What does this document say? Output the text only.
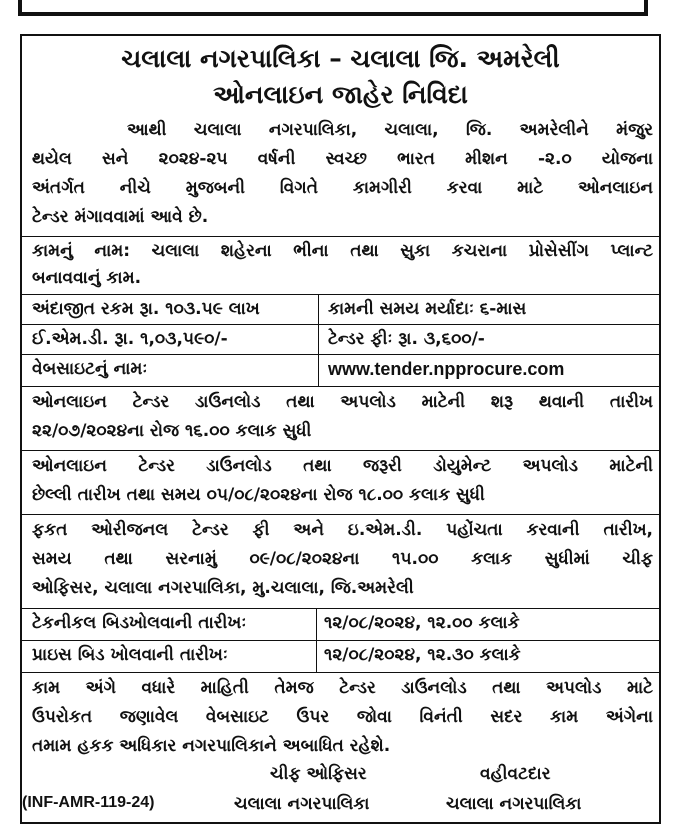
ચલાલા નગરપાલિકા – ચલાલા જિ. અમરેલી
ઓનલાઇન જાહેર નિવિદા
આથી ચલાલા નગરપાલિકા, ચલાલા, જિ. અમરેલીને મંજુર
થયેલ સને ૨૦૨૪-૨૫ વર્ષની સ્વચ્છ ભારત મીશન -૨.૦ યોજના
અંતર્ગત નીચે મુજબની વિગતે કામગીરી કરવા માટે ઓનલાઇન
ટેન્ડર મંગાવવામાં આવે છે.
કામનું નામ: ચલાલા શહેરના ભીના તથા સુકા કચરાના પ્રોસેસીંગ પ્લાન્ટ
બનાવવાનું કામ.
અંદાજીત રકમ રૂા. ૧૦૩.૫૯ લાખ	કામની સમય મર્યાદાઃ ૬-માસ
ઈ.એમ.ડી. રૂા. ૧,૦૩,૫૯૦/-	ટેન્ડર ફીઃ રૂા. ૩,૬૦૦/-
વેબસાઇટનું નામઃ	www.tender.npprocure.com
ઓનલાઇન ટેન્ડર ડાઉનલોડ તથા અપલોડ માટેની શરૂ થવાની તારીખ
૨૨/૦૭/૨૦૨૪ના રોજ ૧૬.૦૦ કલાક સુધી
ઓનલાઇન ટેન્ડર ડાઉનલોડ તથા જરૂરી ડોયુમેન્ટ અપલોડ માટેની
છેલ્લી તારીખ તથા સમય ૦૫/૦૮/૨૦૨૪ના રોજ ૧૮.૦૦ કલાક સુધી
ફકત ઓરીજનલ ટેન્ડર ફી અને ઇ.એમ.ડી. પહોંચતા કરવાની તારીખ,
સમય તથા સરનામું ૦૯/૦૮/૨૦૨૪ના ૧૫.૦૦ કલાક સુધીમાં ચીફ
ઓફિસર, ચલાલા નગરપાલિકા, મુ.ચલાલા, જિ.અમરેલી
ટેકનીકલ બિડખોલવાની તારીખઃ	૧૨/૦૮/૨૦૨૪, ૧૨.૦૦ કલાકે
પ્રાઇસ બિડ ખોલવાની તારીખઃ	૧૨/૦૮/૨૦૨૪, ૧૨.૩૦ કલાકે
કામ અંગે વધારે માહિતી તેમજ ટેન્ડર ડાઉનલોડ તથા અપલોડ માટે
ઉપરોકત જણાવેલ વેબસાઇટ ઉપર જોવા વિનંતી સદર કામ અંગેના
તમામ હકક અધિકાર નગરપાલિકાને અબાધિત રહેશે.
ચીફ ઓફિસર	વહીવટદાર
ચલાલા નગરપાલિકા	ચલાલા નગરપાલિકા
(INF-AMR-119-24)
